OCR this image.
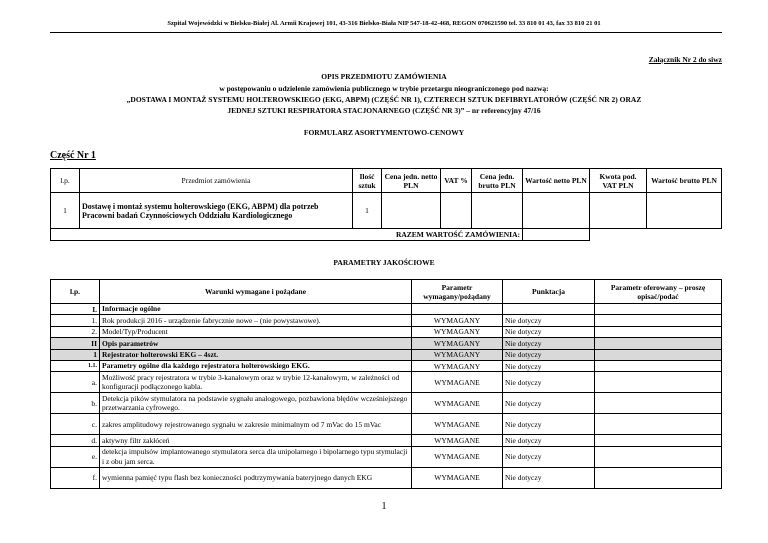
Szpital Wojewódzki w Bielsku-Białej Al. Armii Krajowej 101, 43-316 Bielsko-Biała NIP 547-18-42-468, REGON 070621590 tel. 33 810 01 43, fax 33 810 21 01
Załącznik Nr 2 do siwz
OPIS PRZEDMIOTU ZAMÓWIENIA
w postępowaniu o udzielenie zamówienia publicznego w trybie przetargu nieograniczonego pod nazwą:
„DOSTAWA I MONTAŻ SYSTEMU HOLTEROWSKIEGO (EKG, ABPM) (CZĘŚĆ NR 1), CZTERECH SZTUK DEFIBRYLATORÓW (CZĘŚĆ NR 2) ORAZ
JEDNEJ SZTUKI RESPIRATORA STACJONARNEGO (CZĘŚĆ NR 3)” – nr referencyjny 47/16
FORMULARZ ASORTYMENTOWO-CENOWY
Część Nr 1
l.p.	Przedmiot zamówienia	Ilość sztuk	Cena jedn. netto PLN	VAT %	Cena jedn. brutto PLN	Wartość netto PLN	Kwota pod. VAT PLN	Wartość brutto PLN
1	Dostawę i montaż systemu holterowskiego (EKG, ABPM) dla potrzeb Pracowni badań Czynnościowych Oddziału Kardiologicznego	1						
RAZEM WARTOŚĆ ZAMÓWIENIA:								
PARAMETRY JAKOŚCIOWE
l.p.	Warunki wymagane i pożądane	Parametr wymagany/pożądany	Punktacja	Parametr oferowany – proszę opisać/podać
I.	Informacje ogólne			
1.	Rok produkcji 2016 - urządzenie fabrycznie nowe – (nie powystawowe).	WYMAGANY	Nie dotyczy	
2.	Model/Typ/Producent	WYMAGANY	Nie dotyczy	
II	Opis parametrów	WYMAGANY	Nie dotyczy	
1	Rejestrator holterowski EKG – 4szt.	WYMAGANY	Nie dotyczy	
1.1.	Parametry ogólne dla każdego rejestratora holterowskiego EKG.	WYMAGANY	Nie dotyczy	
a.	Możliwość pracy rejestratora w trybie 3-kanałowym oraz w trybie 12-kanałowym, w zależności od konfiguracji podłączonego kabla.	WYMAGANE	Nie dotyczy	
b.	Detekcja pików stymulatora na podstawie sygnału analogowego, pozbawiona błędów wcześniejszego przetwarzania cyfrowego.	WYMAGANE	Nie dotyczy	
c.	zakres amplitudowy rejestrowanego sygnału w zakresie minimalnym od 7 mVac do 15 mVac	WYMAGANE	Nie dotyczy	
d.	aktywny filtr zakłóceń	WYMAGANE	Nie dotyczy	
e.	detekcja impulsów implantowanego stymulatora serca dla unipolarnego i bipolarnego typu stymulacji i z obu jam serca.	WYMAGANE	Nie dotyczy	
f.	wymienna pamięć typu flash bez konieczności podtrzymywania bateryjnego danych EKG	WYMAGANE	Nie dotyczy	
1
